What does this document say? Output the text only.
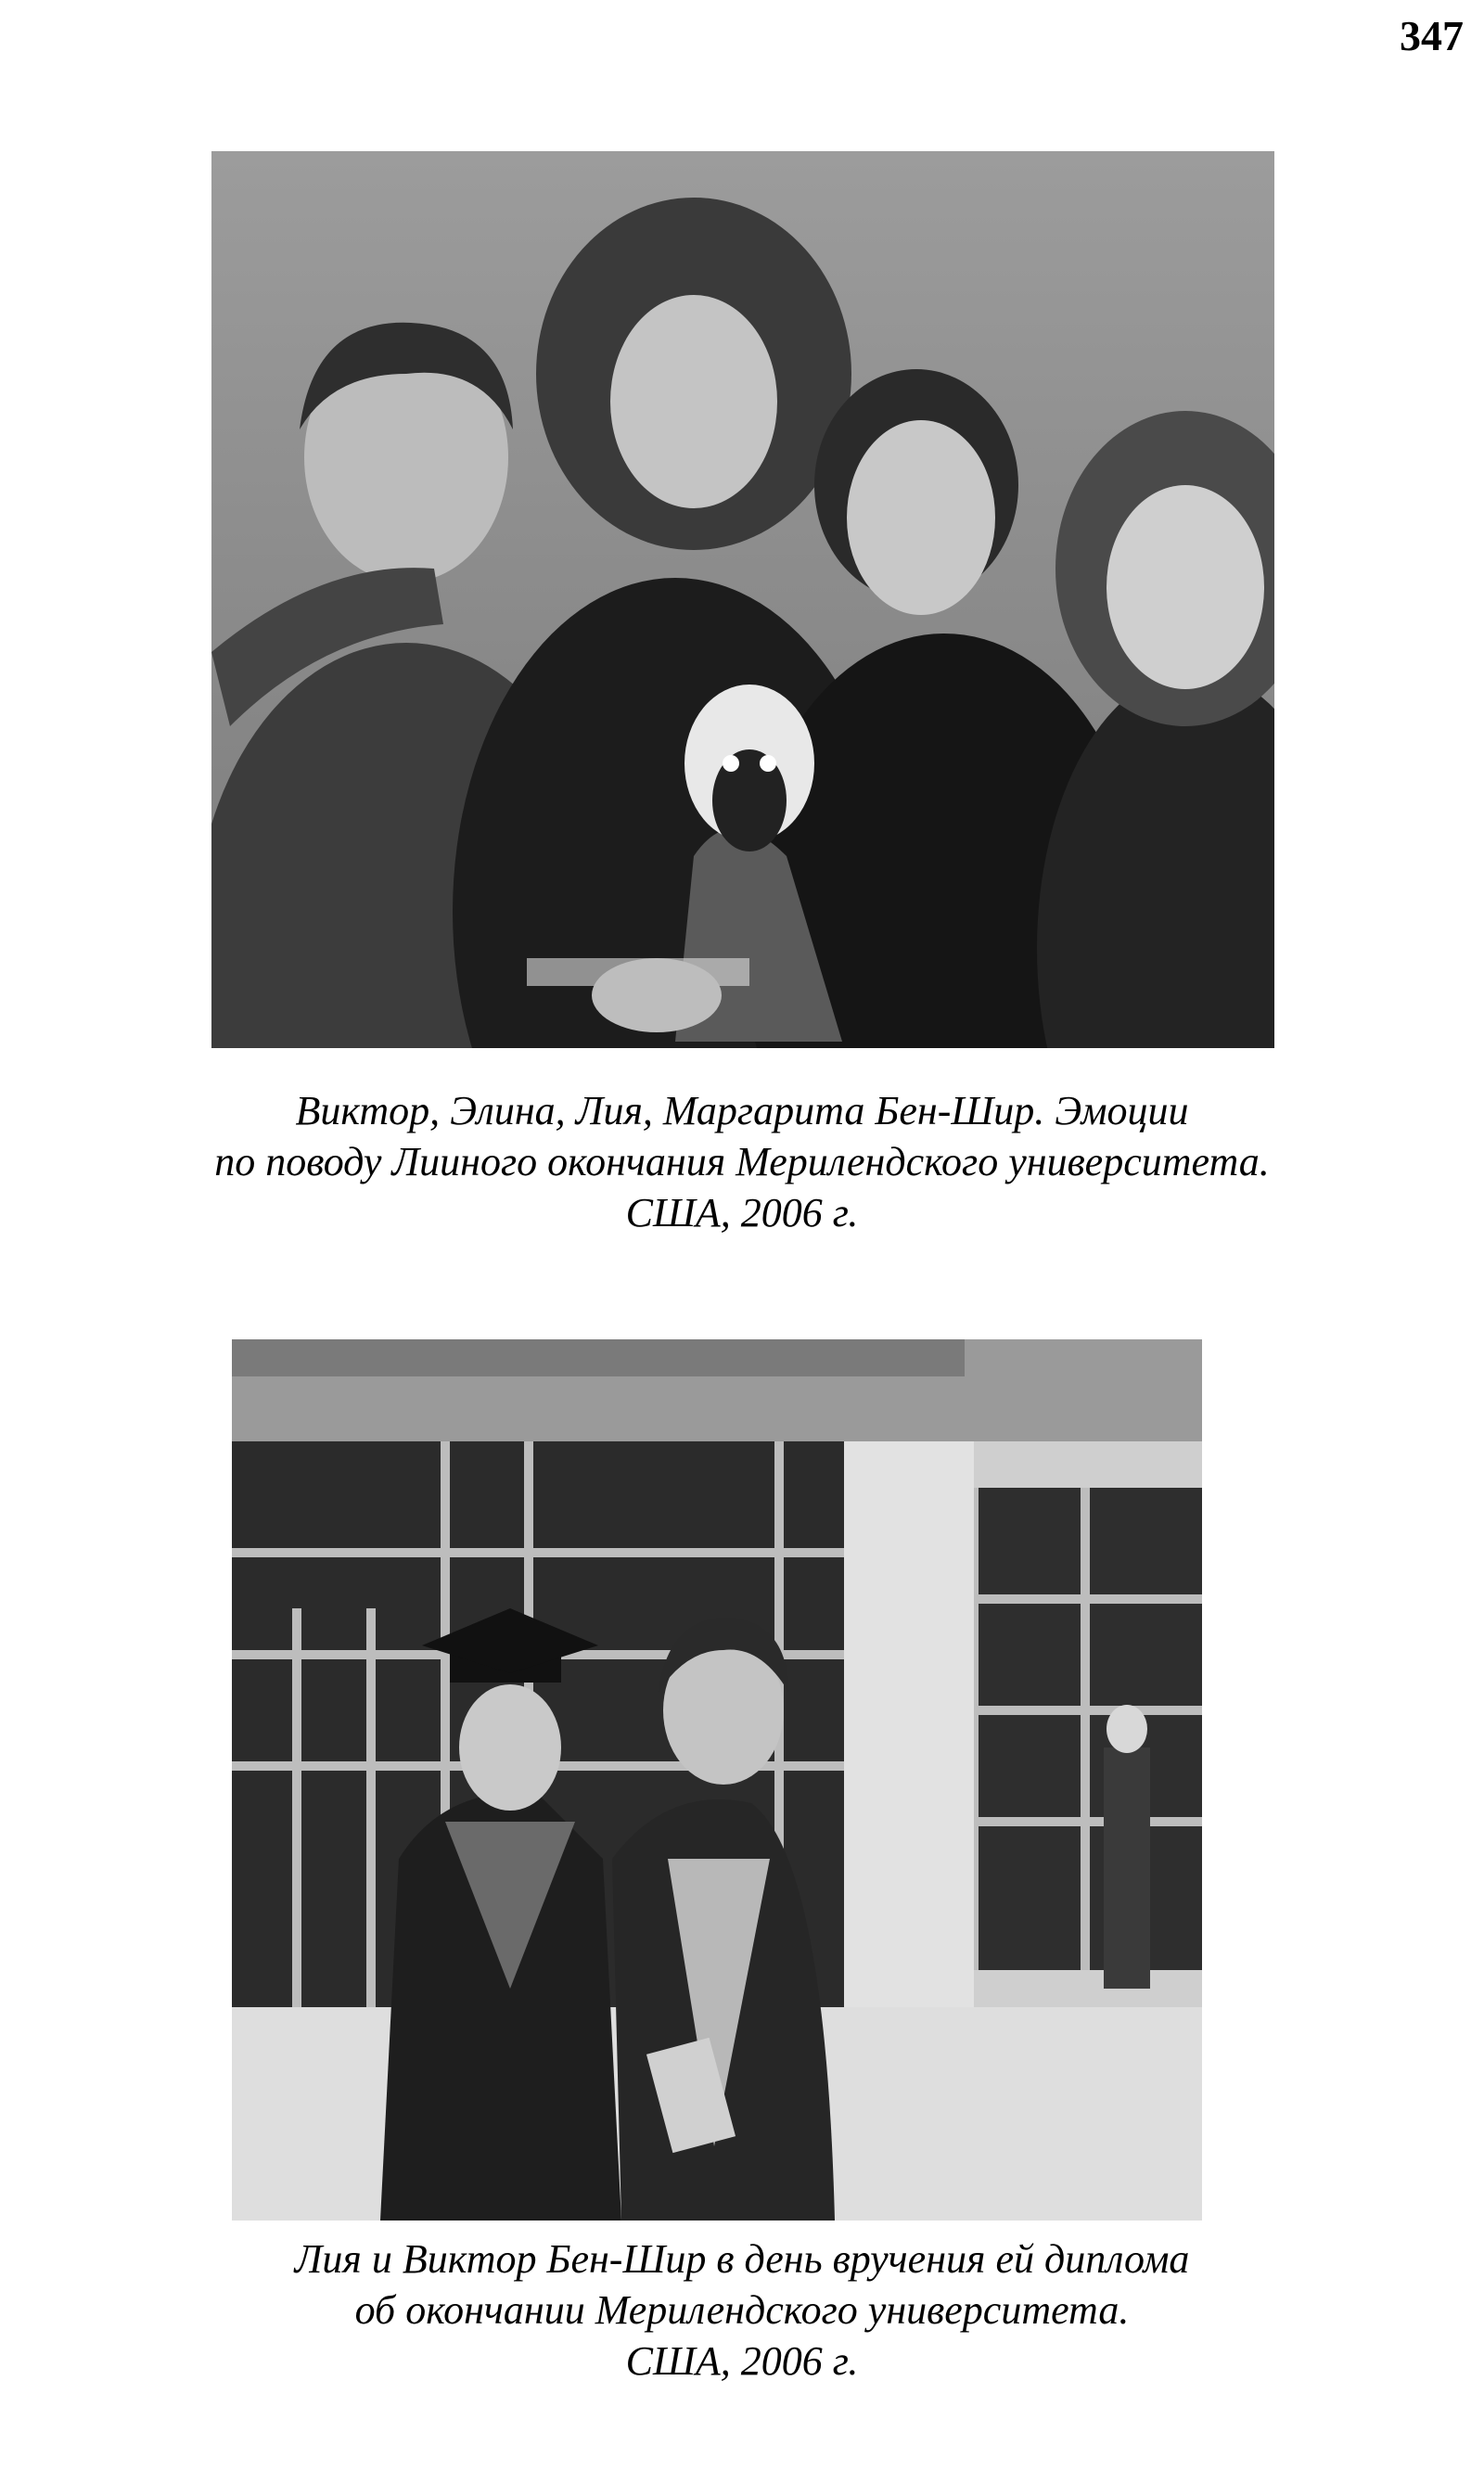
347
Виктор, Элина, Лия, Маргарита Бен-Шир. Эмоции
по поводу Лииного окончания Мерилендского университета.
США, 2006 г.
Лия и Виктор Бен-Шир в день вручения ей диплома
об окончании Мерилендского университета.
США, 2006 г.
